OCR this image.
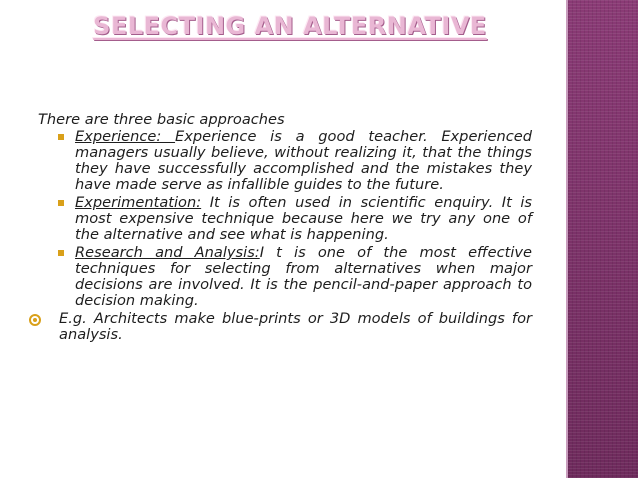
SELECTING AN ALTERNATIVE
There are three basic approaches
Experience: Experience is a good teacher. Experienced managers usually believe, without realizing it, that the things they have successfully accomplished and the mistakes they have made serve as infallible guides to the future.
Experimentation: It is often used in scientific enquiry. It is most expensive technique because here we try any one of the alternative and see what is happening.
Research and Analysis:I t is one of the most effective techniques for selecting from alternatives when major decisions are involved. It is the pencil-and-paper approach to decision making.
E.g. Architects make blue-prints or 3D models of buildings for analysis.
